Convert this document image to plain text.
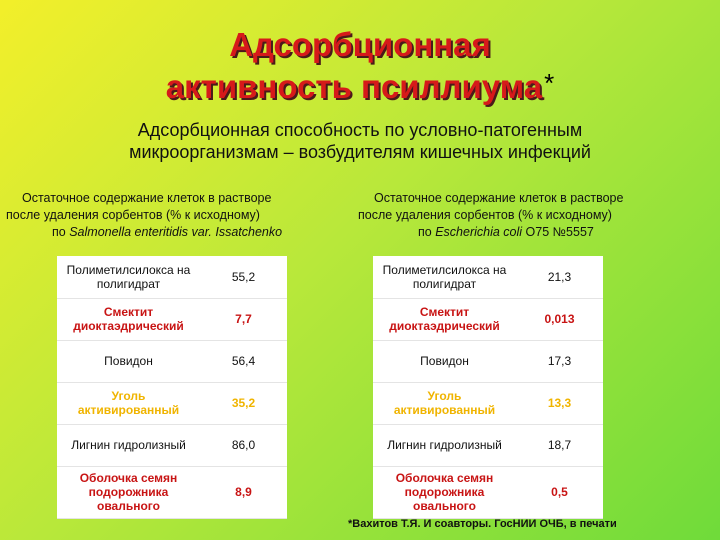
Адсорбционная
активность псиллиума*
Адсорбционная способность по условно-патогенным
микроорганизмам – возбудителям кишечных инфекций
Остаточное содержание клеток в растворе
после удаления сорбентов (% к исходному)
по Salmonella enteritidis var. Issatchenko
Остаточное содержание клеток в растворе
после удаления сорбентов (% к исходному)
по Escherichia coli О75 №5557
Полиметилсилокса на полигидрат	55,2
Смектит диоктаэдрический	7,7
Повидон	56,4
Уголь активированный	35,2
Лигнин гидролизный	86,0
Оболочка семян подорожника овального	8,9
Полиметилсилокса на полигидрат	21,3
Смектит диоктаэдрический	0,013
Повидон	17,3
Уголь активированный	13,3
Лигнин гидролизный	18,7
Оболочка семян подорожника овального	0,5
*Вахитов Т.Я. И соавторы. ГосНИИ ОЧБ, в печати
